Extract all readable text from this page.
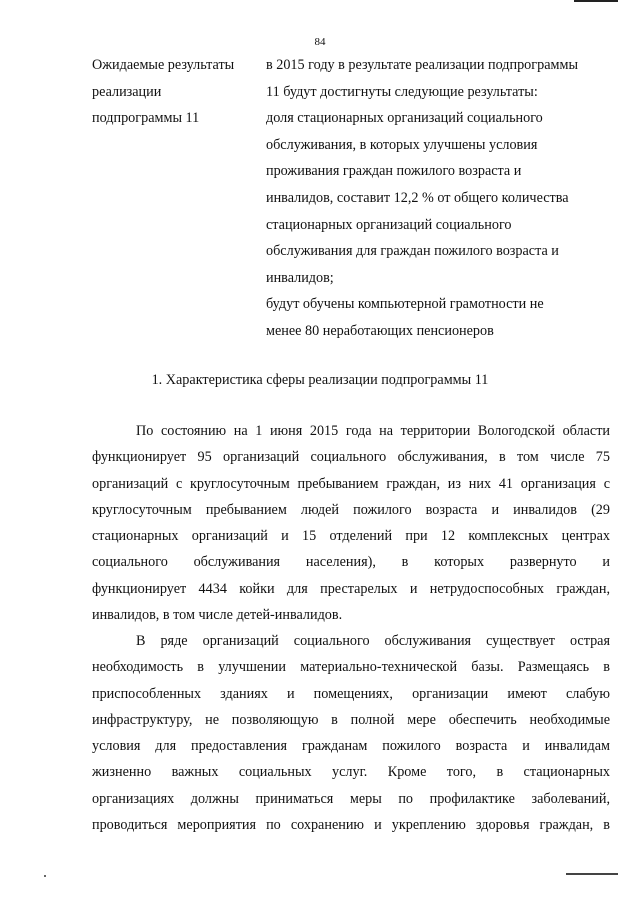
84
Ожидаемые результаты
реализации
подпрограммы 11
в 2015 году в результате реализации подпрограммы
11 будут достигнуты следующие результаты:
доля стационарных организаций социального
обслуживания, в которых улучшены условия
проживания граждан пожилого возраста и
инвалидов, составит 12,2 % от общего количества
стационарных организаций социального
обслуживания для граждан пожилого возраста и
инвалидов;
будут обучены компьютерной грамотности не
менее 80 неработающих пенсионеров
1. Характеристика сферы реализации подпрограммы 11
По состоянию на 1 июня 2015 года на территории Вологодской области
функционирует 95 организаций социального обслуживания, в том числе 75
организаций с круглосуточным пребыванием граждан, из них 41 организация с
круглосуточным пребыванием людей пожилого возраста и инвалидов (29
стационарных организаций и 15 отделений при 12 комплексных центрах
социального обслуживания населения), в которых развернуто и
функционирует 4434 койки для престарелых и нетрудоспособных граждан,
инвалидов, в том числе детей-инвалидов.
В ряде организаций социального обслуживания существует острая
необходимость в улучшении материально-технической базы. Размещаясь в
приспособленных зданиях и помещениях, организации имеют слабую
инфраструктуру, не позволяющую в полной мере обеспечить необходимые
условия для предоставления гражданам пожилого возраста и инвалидам
жизненно важных социальных услуг. Кроме того, в стационарных
организациях должны приниматься меры по профилактике заболеваний,
проводиться мероприятия по сохранению и укреплению здоровья граждан, в
